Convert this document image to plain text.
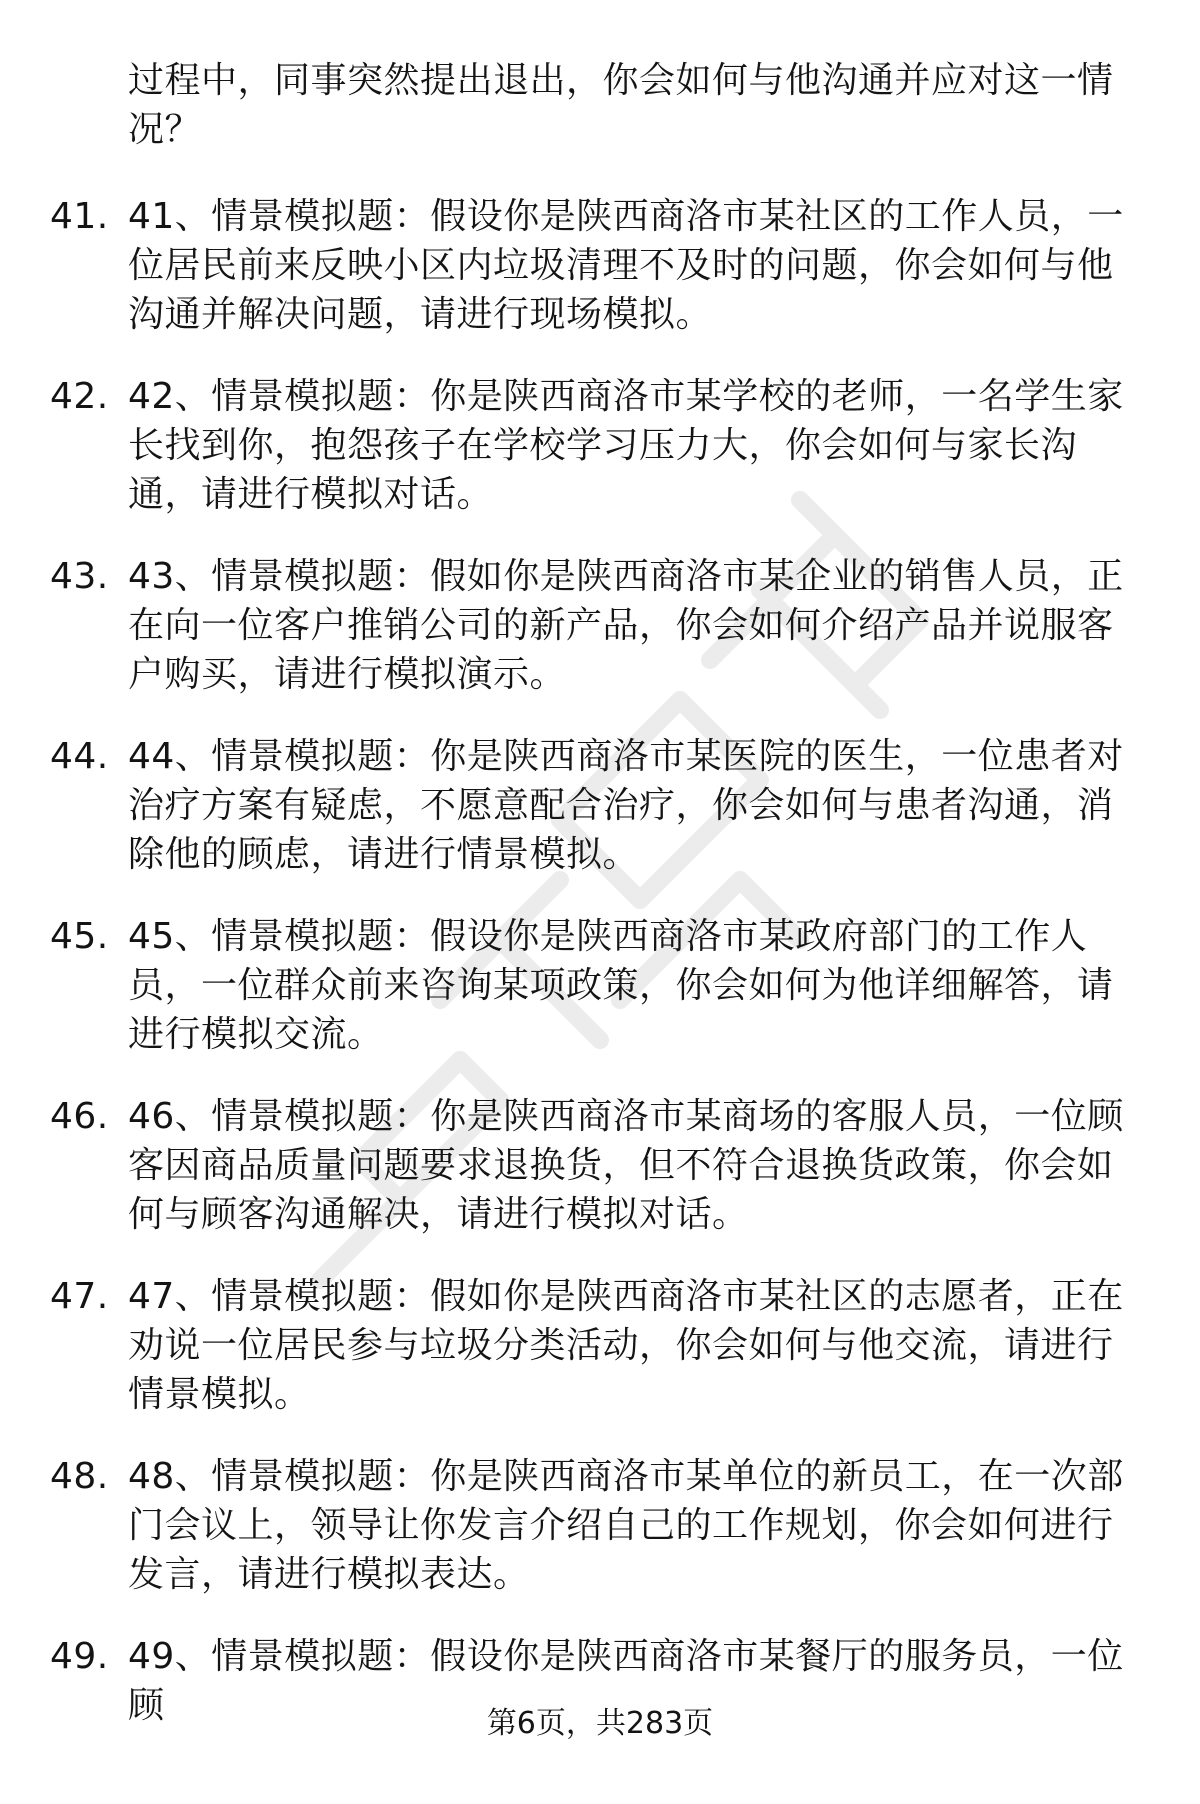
过程中，同事突然提出退出，你会如何与他沟通并应对这一情况？

41. 41、情景模拟题：假设你是陕西商洛市某社区的工作人员，一位居民前来反映小区内垃圾清理不及时的问题，你会如何与他沟通并解决问题，请进行现场模拟。

42. 42、情景模拟题：你是陕西商洛市某学校的老师，一名学生家长找到你，抱怨孩子在学校学习压力大，你会如何与家长沟通，请进行模拟对话。

43. 43、情景模拟题：假如你是陕西商洛市某企业的销售人员，正在向一位客户推销公司的新产品，你会如何介绍产品并说服客户购买，请进行模拟演示。

44. 44、情景模拟题：你是陕西商洛市某医院的医生，一位患者对治疗方案有疑虑，不愿意配合治疗，你会如何与患者沟通，消除他的顾虑，请进行情景模拟。

45. 45、情景模拟题：假设你是陕西商洛市某政府部门的工作人员，一位群众前来咨询某项政策，你会如何为他详细解答，请进行模拟交流。

46. 46、情景模拟题：你是陕西商洛市某商场的客服人员，一位顾客因商品质量问题要求退换货，但不符合退换货政策，你会如何与顾客沟通解决，请进行模拟对话。

47. 47、情景模拟题：假如你是陕西商洛市某社区的志愿者，正在劝说一位居民参与垃圾分类活动，你会如何与他交流，请进行情景模拟。

48. 48、情景模拟题：你是陕西商洛市某单位的新员工，在一次部门会议上，领导让你发言介绍自己的工作规划，你会如何进行发言，请进行模拟表达。

49. 49、情景模拟题：假设你是陕西商洛市某餐厅的服务员，一位顾	第6页，共283页
